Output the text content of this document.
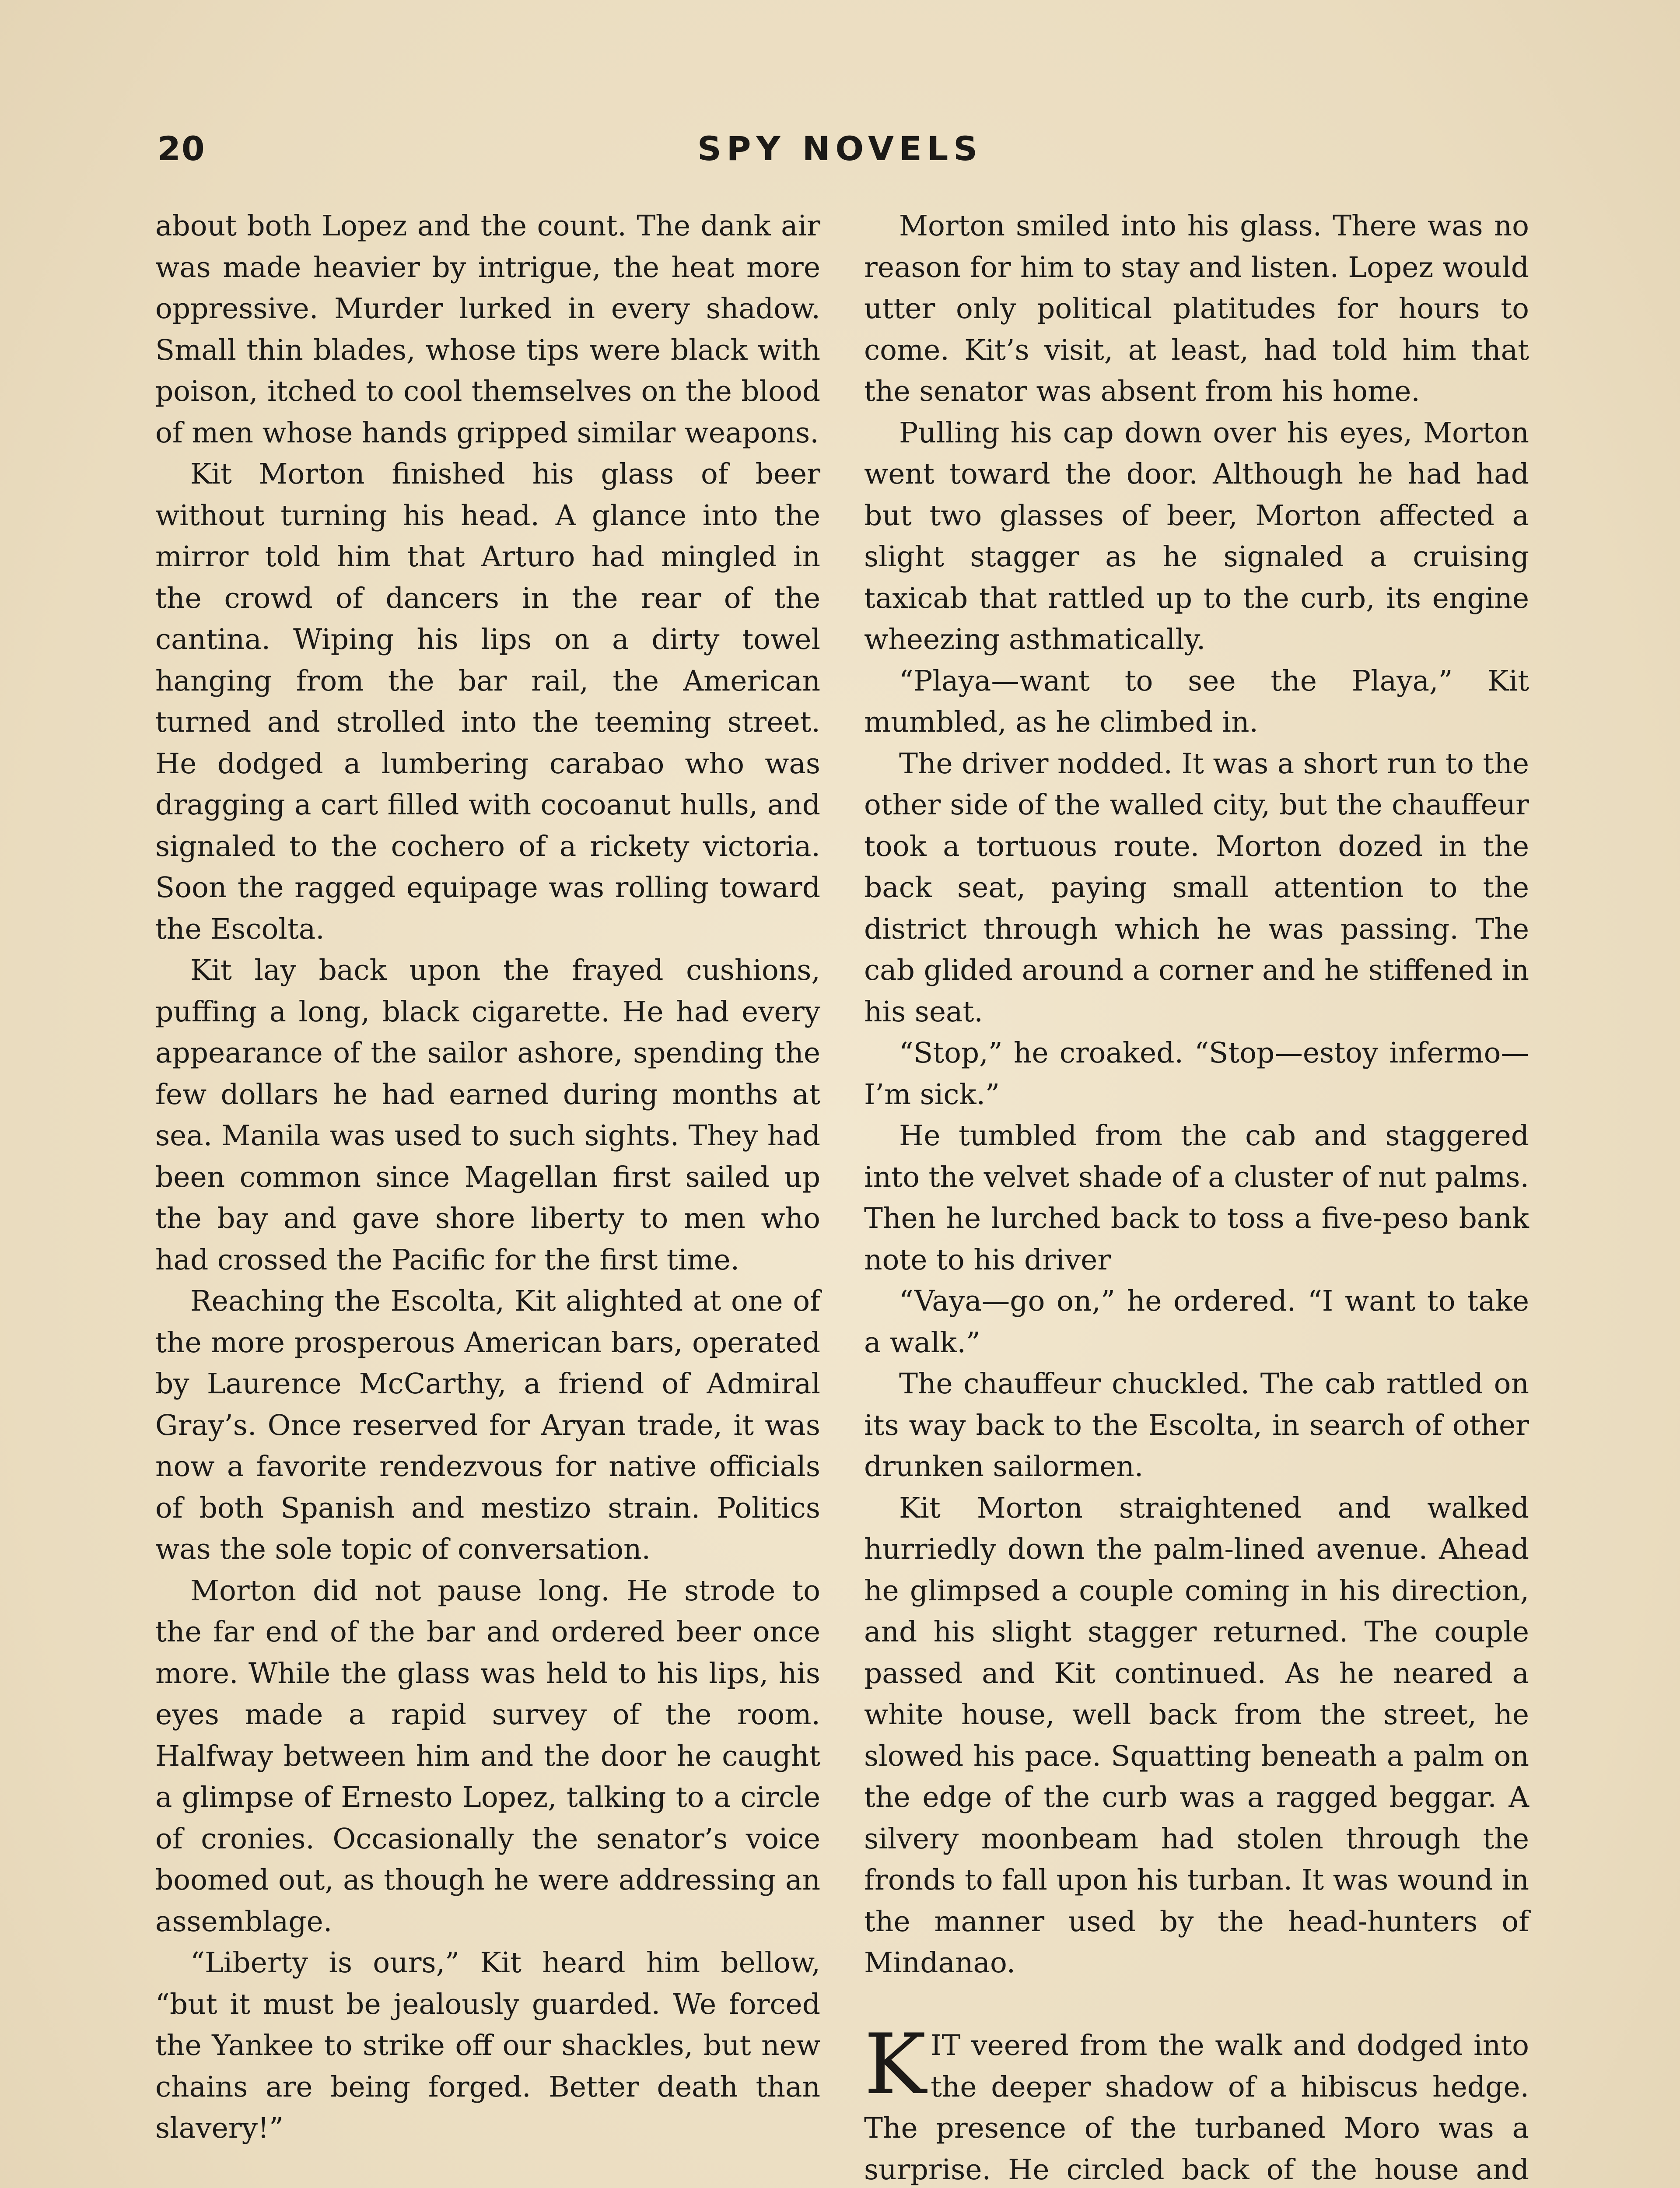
20	SPY NOVELS

about both Lopez and the count. The dank air was made heavier by intrigue, the heat more oppressive. Murder lurked in every shadow. Small thin blades, whose tips were black with poison, itched to cool themselves on the blood of men whose hands gripped similar weapons.

Kit Morton finished his glass of beer without turning his head. A glance into the mirror told him that Arturo had mingled in the crowd of dancers in the rear of the cantina. Wiping his lips on a dirty towel hanging from the bar rail, the American turned and strolled into the teeming street. He dodged a lumbering carabao who was dragging a cart filled with cocoanut hulls, and signaled to the cochero of a rickety victoria. Soon the ragged equipage was rolling toward the Escolta.

Kit lay back upon the frayed cushions, puffing a long, black cigarette. He had every appearance of the sailor ashore, spending the few dollars he had earned during months at sea. Manila was used to such sights. They had been common since Magellan first sailed up the bay and gave shore liberty to men who had crossed the Pacific for the first time.

Reaching the Escolta, Kit alighted at one of the more prosperous American bars, operated by Laurence McCarthy, a friend of Admiral Gray’s. Once reserved for Aryan trade, it was now a favorite rendezvous for native officials of both Spanish and mestizo strain. Politics was the sole topic of conversation.

Morton did not pause long. He strode to the far end of the bar and ordered beer once more. While the glass was held to his lips, his eyes made a rapid survey of the room. Halfway between him and the door he caught a glimpse of Ernesto Lopez, talking to a circle of cronies. Occasionally the senator’s voice boomed out, as though he were addressing an assemblage.

“Liberty is ours,” Kit heard him bellow, “but it must be jealously guarded. We forced the Yankee to strike off our shackles, but new chains are being forged. Better death than slavery!”

Morton smiled into his glass. There was no reason for him to stay and listen. Lopez would utter only political platitudes for hours to come. Kit’s visit, at least, had told him that the senator was absent from his home.

Pulling his cap down over his eyes, Morton went toward the door. Although he had had but two glasses of beer, Morton affected a slight stagger as he signaled a cruising taxicab that rattled up to the curb, its engine wheezing asthmatically.

“Playa—want to see the Playa,” Kit mumbled, as he climbed in.

The driver nodded. It was a short run to the other side of the walled city, but the chauffeur took a tortuous route. Morton dozed in the back seat, paying small attention to the district through which he was passing. The cab glided around a corner and he stiffened in his seat.

“Stop,” he croaked. “Stop—estoy infermo—I’m sick.”

He tumbled from the cab and staggered into the velvet shade of a cluster of nut palms. Then he lurched back to toss a five-peso bank note to his driver

“Vaya—go on,” he ordered. “I want to take a walk.”

The chauffeur chuckled. The cab rattled on its way back to the Escolta, in search of other drunken sailormen.

Kit Morton straightened and walked hurriedly down the palm-lined avenue. Ahead he glimpsed a couple coming in his direction, and his slight stagger returned. The couple passed and Kit continued. As he neared a white house, well back from the street, he slowed his pace. Squatting beneath a palm on the edge of the curb was a ragged beggar. A silvery moonbeam had stolen through the fronds to fall upon his turban. It was wound in the manner used by the head-hunters of Mindanao.

KIT veered from the walk and dodged into the deeper shadow of a hibiscus hedge. The presence of the turbaned Moro was a surprise. He circled back of the house and
